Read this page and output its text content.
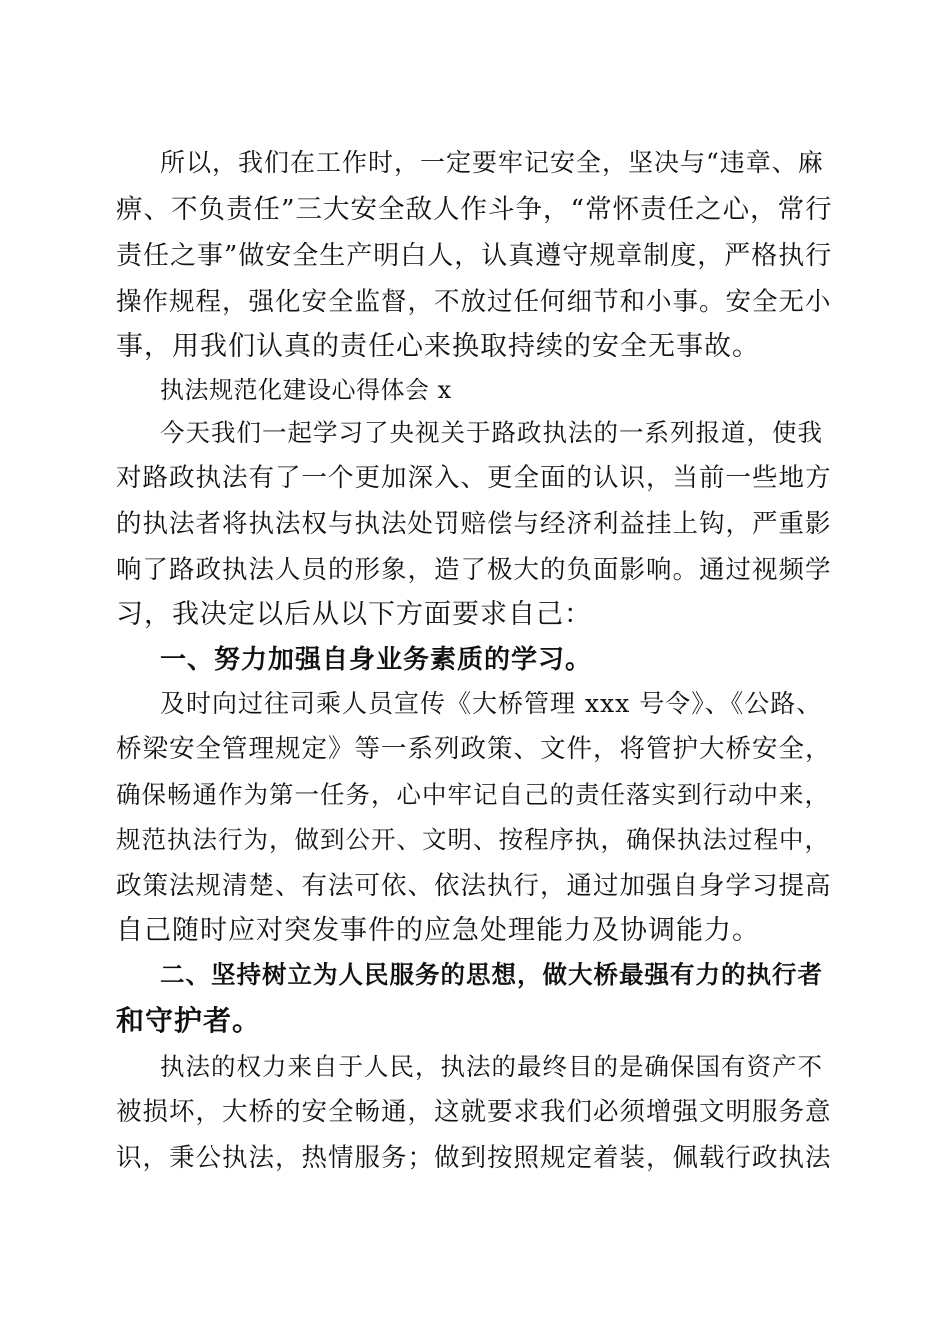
所以，我们在工作时，一定要牢记安全，坚决与“违章、麻

痹、不负责任”三大安全敌人作斗争，“常怀责任之心，常行

责任之事”做安全生产明白人，认真遵守规章制度，严格执行

操作规程，强化安全监督，不放过任何细节和小事。安全无小

事，用我们认真的责任心来换取持续的安全无事故。

执法规范化建设心得体会 x

今天我们一起学习了央视关于路政执法的一系列报道，使我

对路政执法有了一个更加深入、更全面的认识，当前一些地方

的执法者将执法权与执法处罚赔偿与经济利益挂上钩，严重影

响了路政执法人员的形象，造了极大的负面影响。通过视频学

习，我决定以后从以下方面要求自己：

一、努力加强自身业务素质的学习。

及时向过往司乘人员宣传《大桥管理 xxx 号令》、《公路、

桥梁安全管理规定》等一系列政策、文件，将管护大桥安全，

确保畅通作为第一任务，心中牢记自己的责任落实到行动中来，

规范执法行为，做到公开、文明、按程序执，确保执法过程中，

政策法规清楚、有法可依、依法执行，通过加强自身学习提高

自己随时应对突发事件的应急处理能力及协调能力。

二、坚持树立为人民服务的思想，做大桥最强有力的执行者

和守护者。

执法的权力来自于人民，执法的最终目的是确保国有资产不

被损坏，大桥的安全畅通，这就要求我们必须增强文明服务意

识，秉公执法，热情服务；做到按照规定着装，佩载行政执法
